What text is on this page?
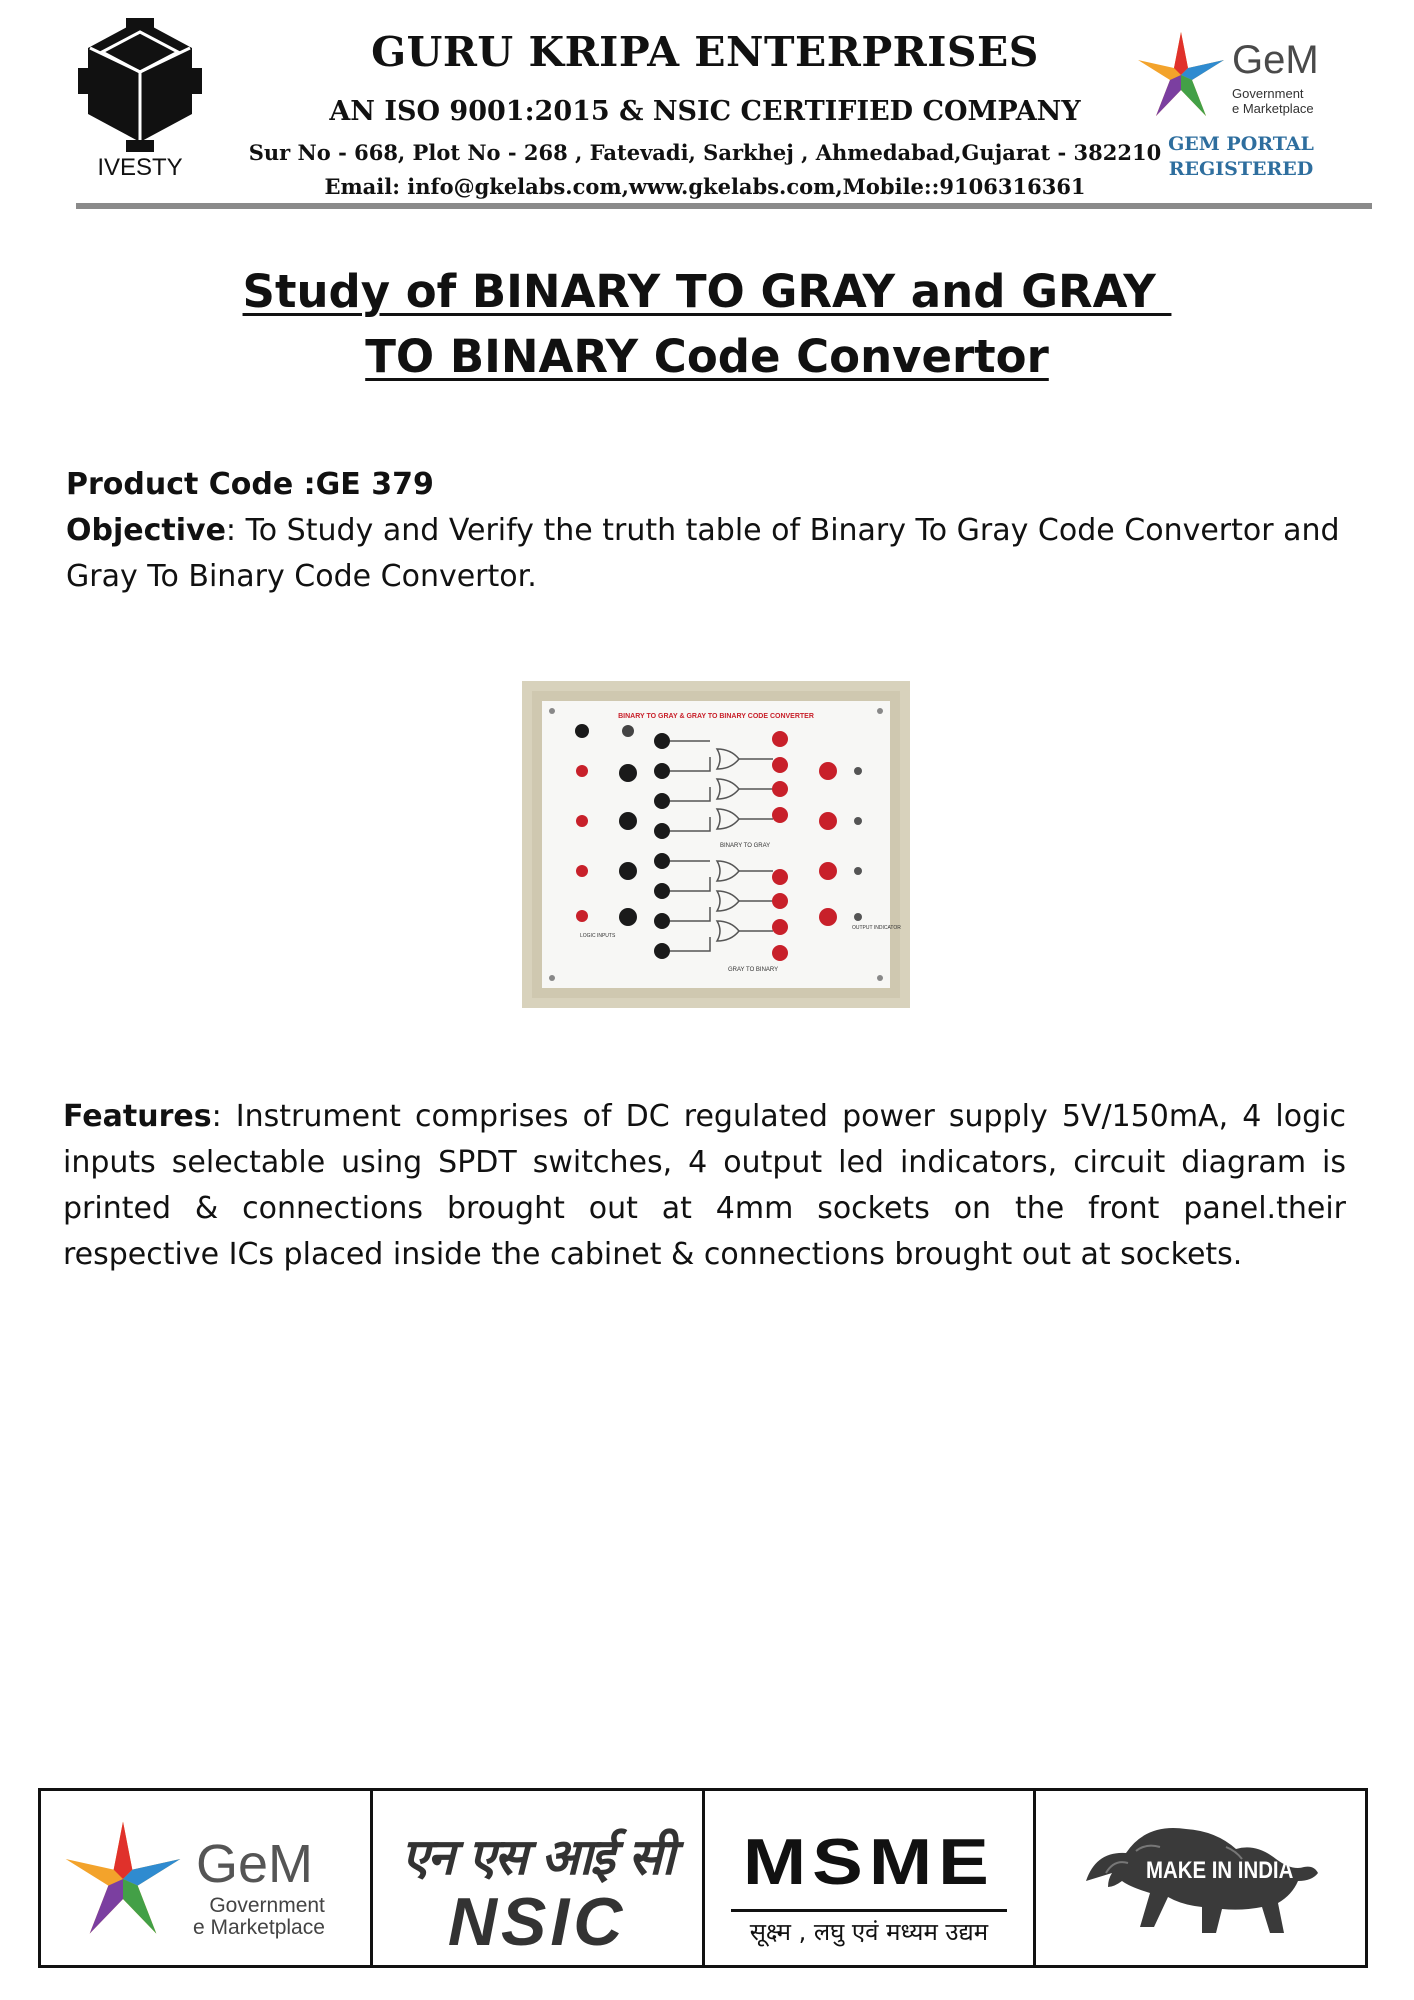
IVESTY
GURU KRIPA ENTERPRISES
AN ISO 9001:2015 & NSIC CERTIFIED COMPANY
Sur No - 668, Plot No - 268 , Fatevadi, Sarkhej , Ahmedabad,Gujarat - 382210
Email: info@gkelabs.com,www.gkelabs.com,Mobile::9106316361
GeM
Government
e Marketplace
GEM PORTAL
REGISTERED
Study of BINARY TO GRAY and GRAY
TO BINARY Code Convertor
Product Code :GE 379
Objective: To Study and Verify the truth table of Binary To Gray Code Convertor and Gray To Binary Code Convertor.
BINARY TO GRAY & GRAY TO BINARY CODE CONVERTER
BINARY TO GRAY
GRAY TO BINARY
LOGIC INPUTS
OUTPUT INDICATOR
Features: Instrument comprises of DC regulated power supply 5V/150mA, 4 logic inputs selectable using SPDT switches, 4 output led indicators, circuit diagram is printed & connections brought out at 4mm sockets on the front panel.their respective ICs placed inside the cabinet & connections brought out at sockets.
GeM
Government
e Marketplace
एन एस आई सी
NSIC
MSME
सूक्ष्म , लघु एवं मध्यम उद्यम
MAKE IN INDIA
